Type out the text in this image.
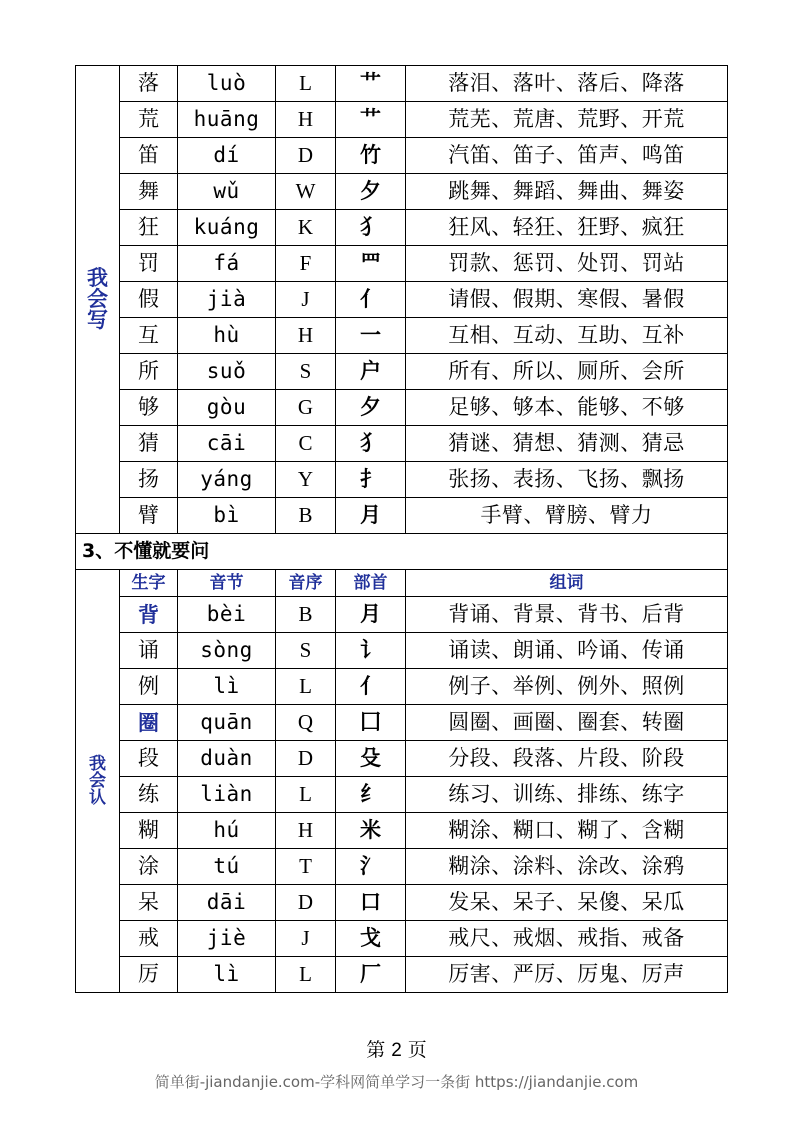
我
会
写	落	luò	L	艹	落泪、落叶、落后、降落
	荒	huāng	H	艹	荒芜、荒唐、荒野、开荒
	笛	dí	D	竹	汽笛、笛子、笛声、鸣笛
	舞	wǔ	W	夕	跳舞、舞蹈、舞曲、舞姿
	狂	kuáng	K	犭	狂风、轻狂、狂野、疯狂
	罚	fá	F	罒	罚款、惩罚、处罚、罚站
	假	jià	J	亻	请假、假期、寒假、暑假
	互	hù	H	一	互相、互动、互助、互补
	所	suǒ	S	户	所有、所以、厕所、会所
	够	gòu	G	夕	足够、够本、能够、不够
	猜	cāi	C	犭	猜谜、猜想、猜测、猜忌
	扬	yáng	Y	扌	张扬、表扬、飞扬、飘扬
	臂	bì	B	月	手臂、臂膀、臂力
3、不懂就要问					

我
会
认	生字	音节	音序	部首	组词
	背	bèi	B	月	背诵、背景、背书、后背
	诵	sòng	S	讠	诵读、朗诵、吟诵、传诵
	例	lì	L	亻	例子、举例、例外、照例
	圈	quān	Q	囗	圆圈、画圈、圈套、转圈
	段	duàn	D	殳	分段、段落、片段、阶段
	练	liàn	L	纟	练习、训练、排练、练字
	糊	hú	H	米	糊涂、糊口、糊了、含糊
	涂	tú	T	氵	糊涂、涂料、涂改、涂鸦
	呆	dāi	D	口	发呆、呆子、呆傻、呆瓜
	戒	jiè	J	戈	戒尺、戒烟、戒指、戒备
	厉	lì	L	厂	厉害、严厉、厉鬼、厉声
第 2 页
简单街-jiandanjie.com-学科网简单学习一条街 https://jiandanjie.com
